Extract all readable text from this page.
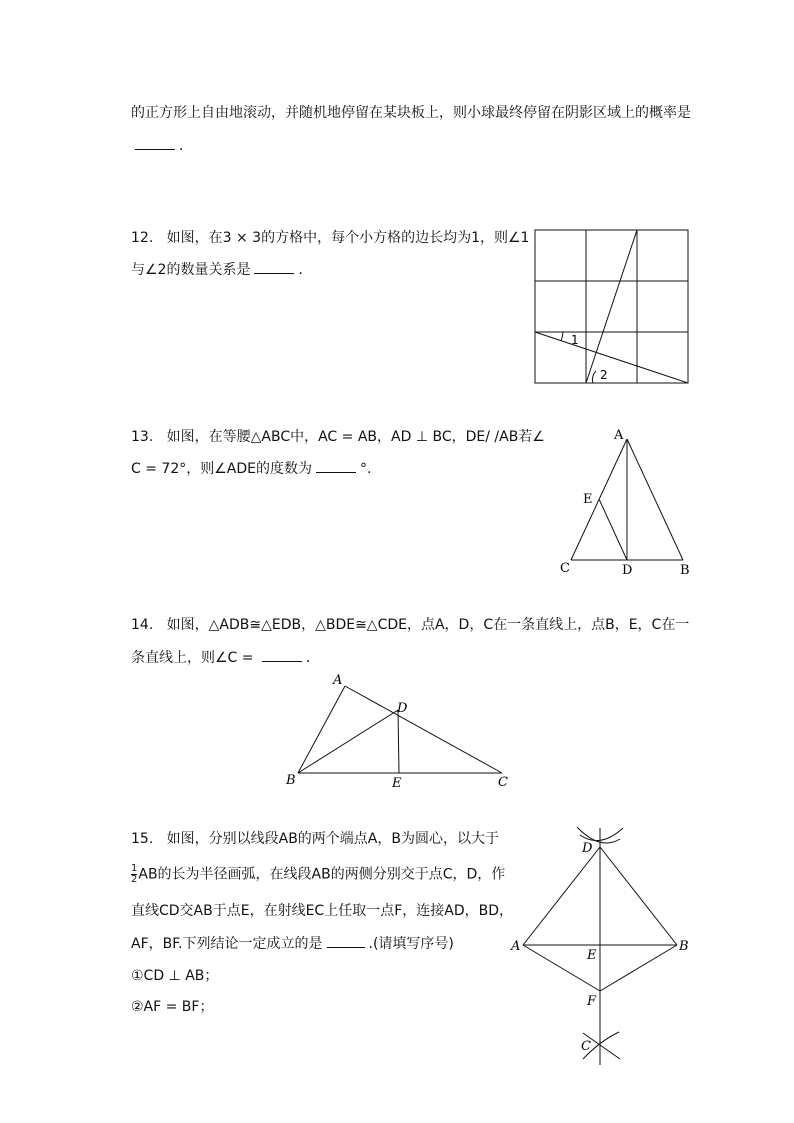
的正方形上自由地滚动，并随机地停留在某块板上，则小球最终停留在阴影区域上的概率是
．
12. 如图，在3 × 3的方格中，每个小方格的边长均为1，则∠1
与∠2的数量关系是	．
1
2
13. 如图，在等腰△ABC中，AC = AB，AD ⊥ BC，DE/ /AB若∠
C = 72°，则∠ADE的度数为	°.
A
E
C	D	B
14. 如图，△ADB≅△EDB，△BDE≅△CDE，点A，D，C在一条直线上，点B，E，C在一
条直线上，则∠C =	．
A
D
B	E	C
15. 如图，分别以线段AB的两个端点A，B为圆心，以大于
$\frac{1}{2}$ AB的长为半径画弧，在线段AB的两侧分别交于点C，D，作
直线CD交AB于点E，在射线EC上任取一点F，连接AD，BD，
AF，BF.下列结论一定成立的是	.(请填写序号)
①CD ⊥ AB；
②AF = BF；
D
A
E
B
F
C
